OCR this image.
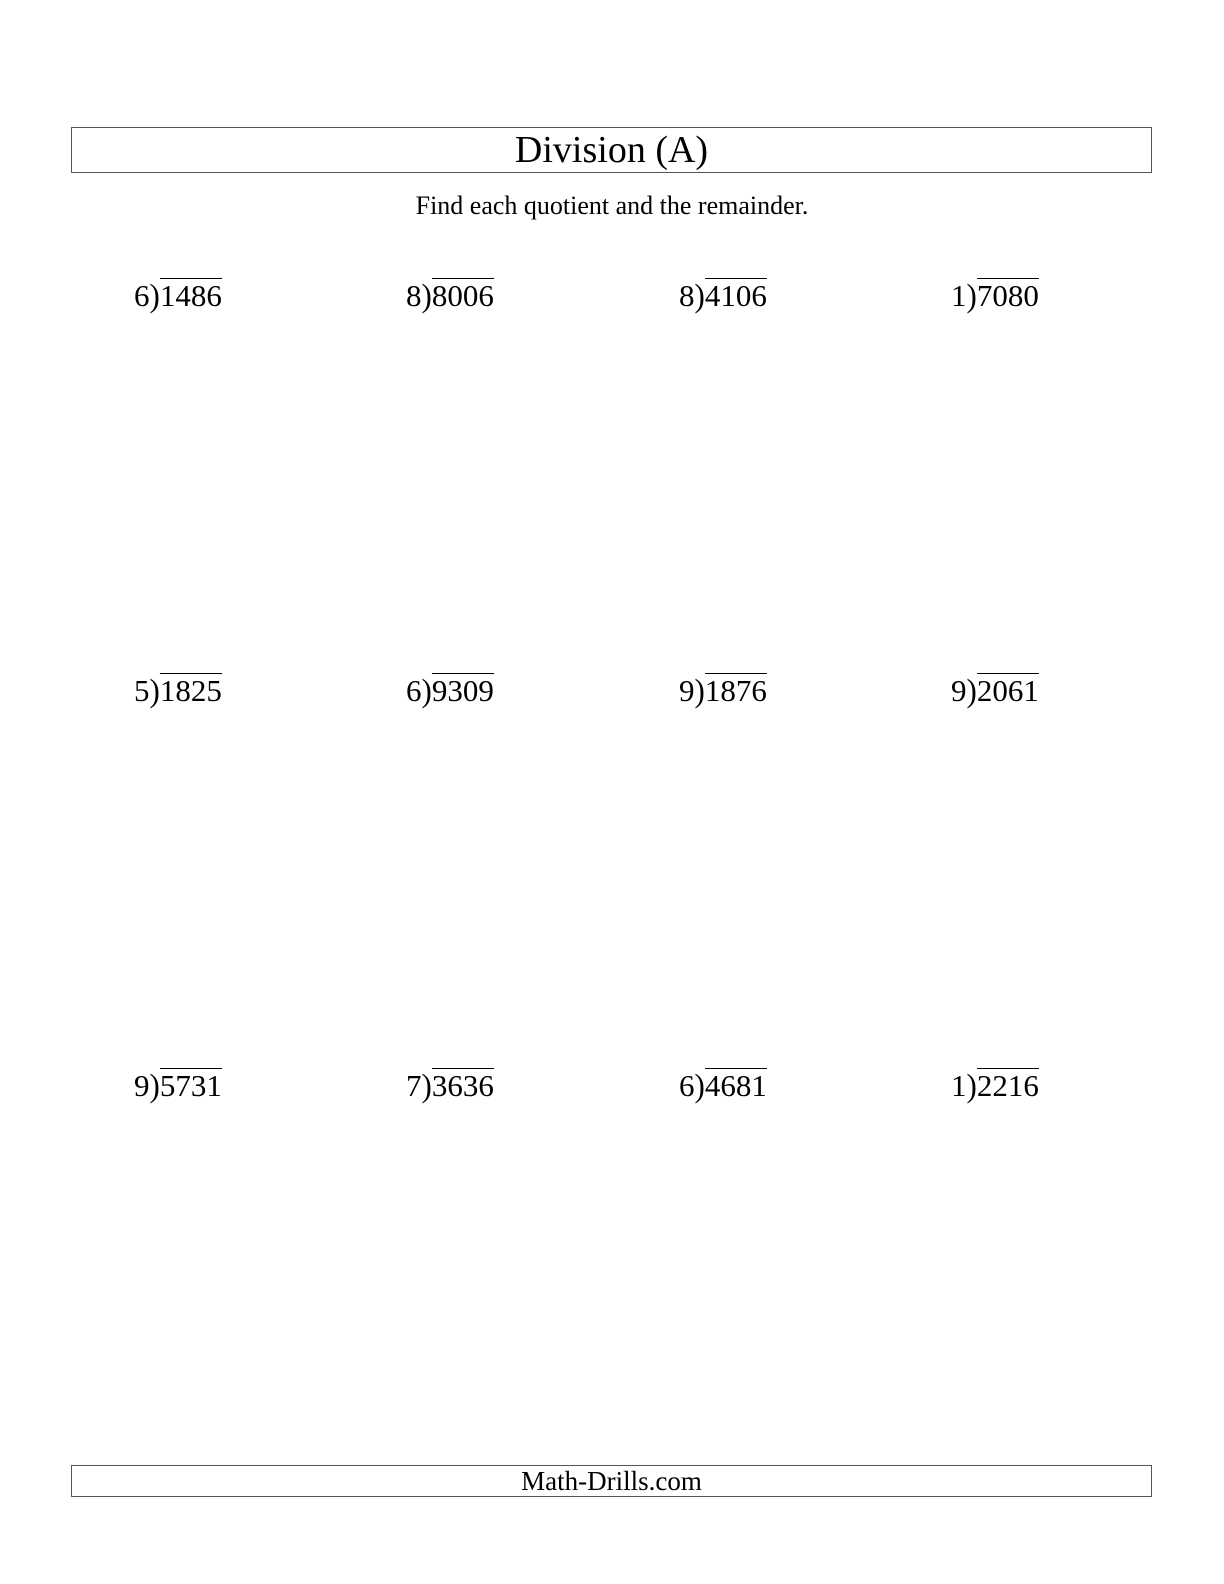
Division (A)
Find each quotient and the remainder.
6 ) 1486	8 ) 8006	8 ) 4106	1 ) 7080
5 ) 1825	6 ) 9309	9 ) 1876	9 ) 2061
9 ) 5731	7 ) 3636	6 ) 4681	1 ) 2216
Math-Drills.com
